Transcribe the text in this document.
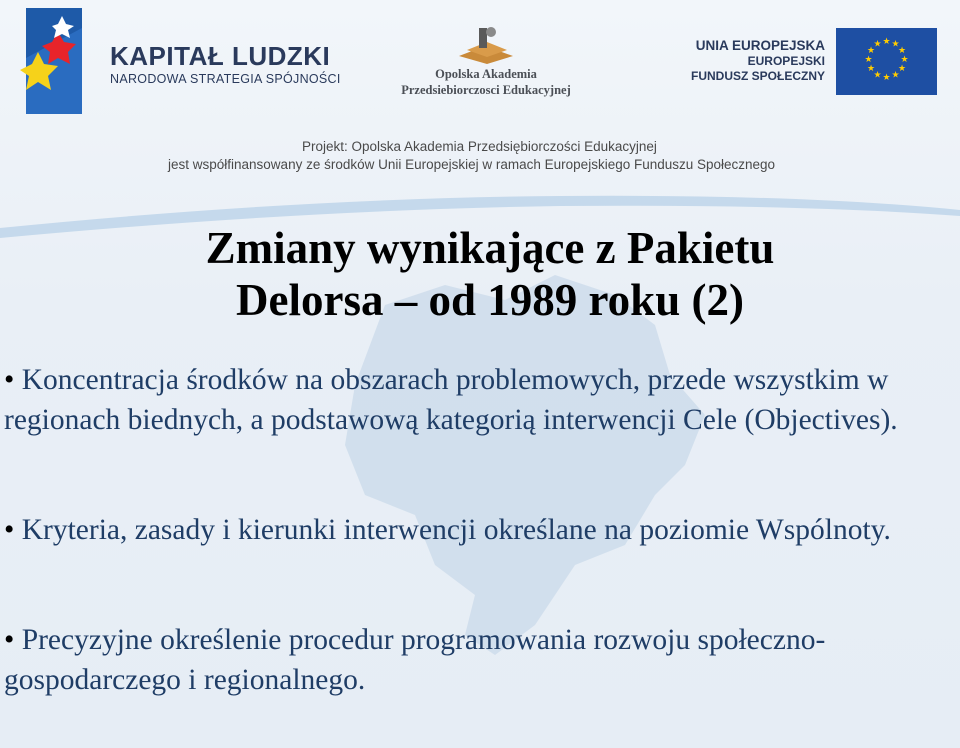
KAPITAŁ LUDZKI
NARODOWA STRATEGIA SPÓJNOŚCI	Opolska Akademia
Przedsiebiorczosci Edukacyjnej
UNIA EUROPEJSKA
EUROPEJSKI
FUNDUSZ SPOŁECZNY
★ ★
★
★
★
★
★
★
★
★
★
★
Projekt: Opolska Akademia Przedsiębiorczości Edukacyjnej
jest współfinansowany ze środków Unii Europejskiej w ramach Europejskiego Funduszu Społecznego
Zmiany wynikające z Pakietu
Delorsa – od 1989 roku (2)
• Koncentracja środków na obszarach problemowych, przede wszystkim w regionach biednych, a podstawową kategorią interwencji Cele (Objectives).
• Kryteria, zasady i kierunki interwencji określane na poziomie Wspólnoty.
• Precyzyjne określenie procedur programowania rozwoju społeczno-gospodarczego i regionalnego.
